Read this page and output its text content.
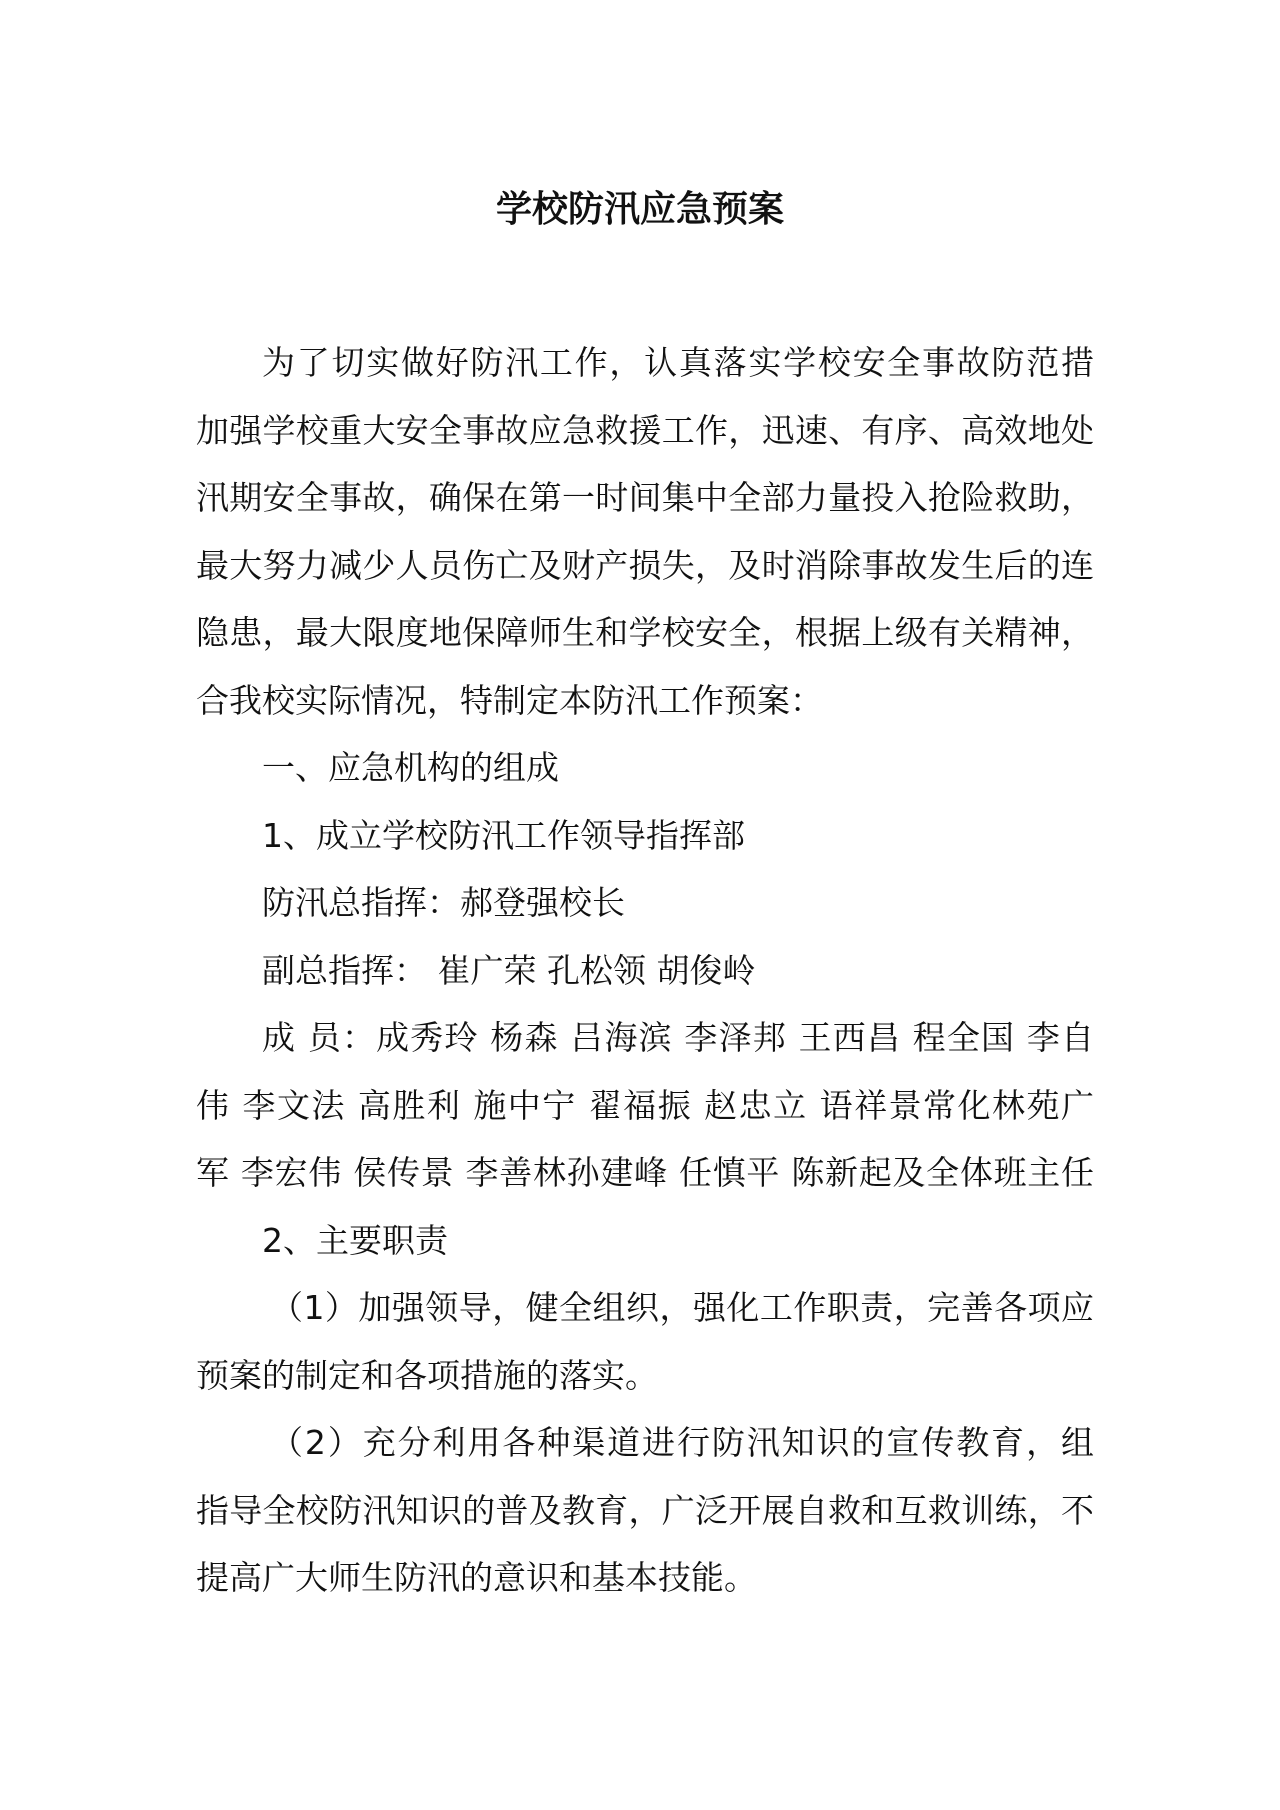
学校防汛应急预案
为了切实做好防汛工作，认真落实学校安全事故防范措
加强学校重大安全事故应急救援工作，迅速、有序、高效地处
汛期安全事故，确保在第一时间集中全部力量投入抢险救助，
最大努力减少人员伤亡及财产损失，及时消除事故发生后的连
隐患，最大限度地保障师生和学校安全，根据上级有关精神，
合我校实际情况，特制定本防汛工作预案：
一、应急机构的组成
1、成立学校防汛工作领导指挥部
防汛总指挥：郝登强校长
副总指挥： 崔广荣 孔松领 胡俊岭
成 员：成秀玲 杨森 吕海滨 李泽邦 王西昌 程全国 李自
伟 李文法 高胜利 施中宁 翟福振 赵忠立 语祥景常化林苑广
军 李宏伟 侯传景 李善林孙建峰 任慎平 陈新起及全体班主任
2、主要职责
（1）加强领导，健全组织，强化工作职责，完善各项应
预案的制定和各项措施的落实。
（2）充分利用各种渠道进行防汛知识的宣传教育，组
指导全校防汛知识的普及教育，广泛开展自救和互救训练，不
提高广大师生防汛的意识和基本技能。
